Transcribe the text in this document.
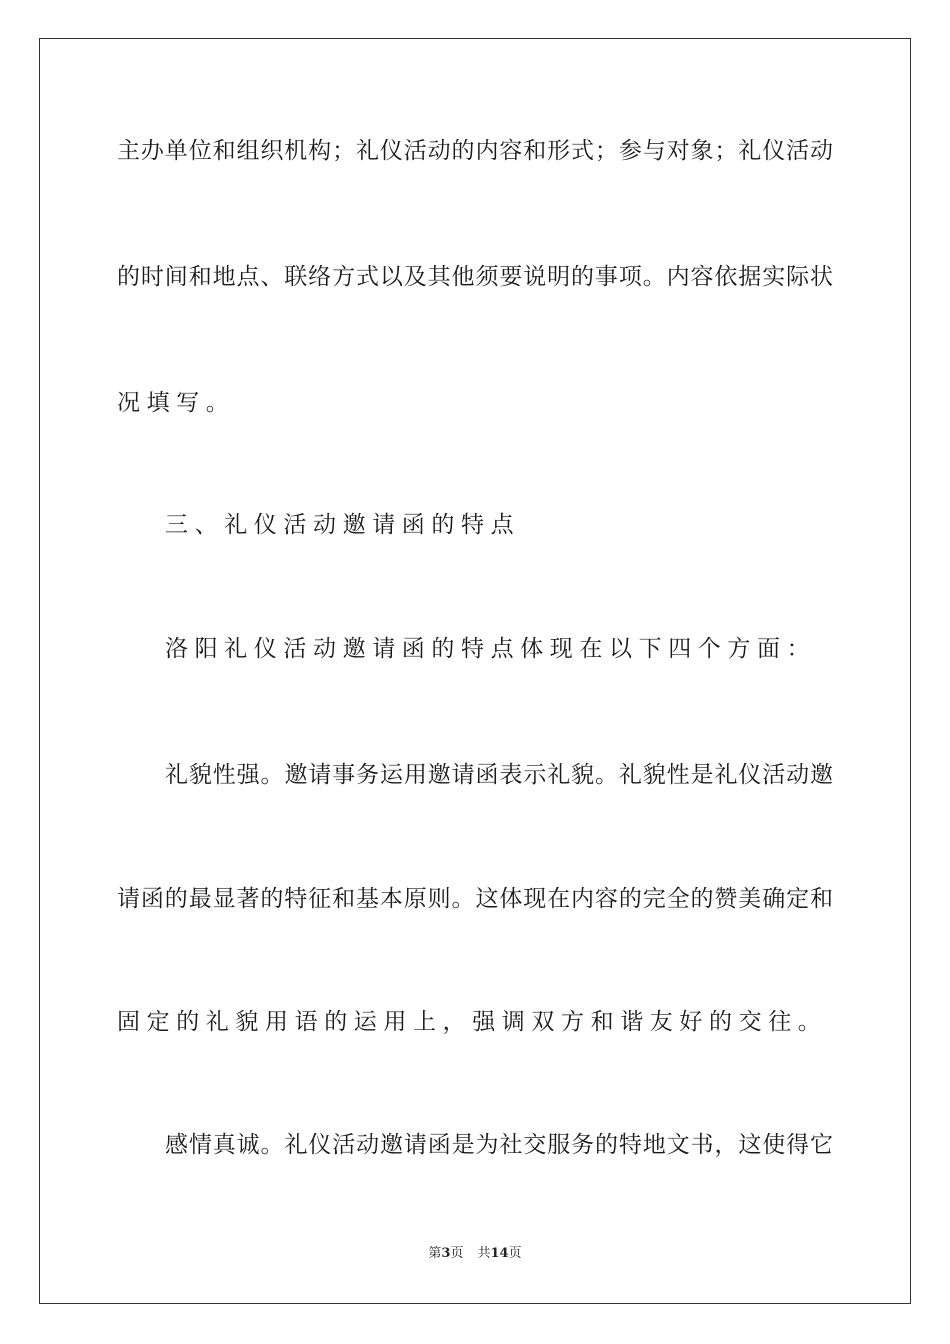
主办单位和组织机构；礼仪活动的内容和形式；参与对象；礼仪活动
的时间和地点、联络方式以及其他须要说明的事项。内容依据实际状
况填写。
三、礼仪活动邀请函的特点
洛阳礼仪活动邀请函的特点体现在以下四个方面：
礼貌性强。邀请事务运用邀请函表示礼貌。礼貌性是礼仪活动邀
请函的最显著的特征和基本原则。这体现在内容的完全的赞美确定和
固定的礼貌用语的运用上，强调双方和谐友好的交往。
感情真诚。礼仪活动邀请函是为社交服务的特地文书，这使得它
第3页 共14页
